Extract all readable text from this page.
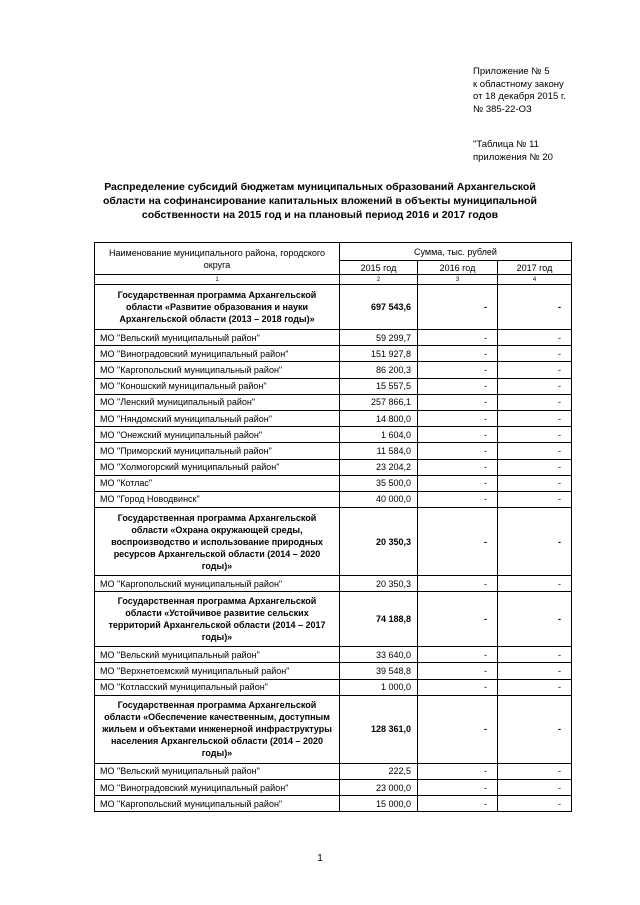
Приложение № 5
к областному закону
от 18 декабря 2015 г.
№ 385-22-ОЗ
"Таблица № 11
приложения № 20
Распределение субсидий бюджетам муниципальных образований Архангельской области на софинансирование капитальных вложений в объекты муниципальной собственности на 2015 год и на плановый период 2016 и 2017 годов
Наименование муниципального района, городского округа	Сумма, тыс. рублей		
	2015 год	2016 год	2017 год
1	2	3	4
Государственная программа Архангельской области «Развитие образования и науки Архангельской области (2013 – 2018 годы)»	697 543,6	-	-
МО "Вельский муниципальный район"	59 299,7	-	-
МО "Виноградовский муниципальный район"	151 927,8	-	-
МО "Каргопольский муниципальный район"	86 200,3	-	-
МО "Коношский муниципальный район"	15 557,5	-	-
МО "Ленский муниципальный район"	257 866,1	-	-
МО "Няндомский муниципальный район"	14 800,0	-	-
МО "Онежский муниципальный район"	1 604,0	-	-
МО "Приморский муниципальный район"	11 584,0	-	-
МО "Холмогорский муниципальный район"	23 204,2	-	-
МО "Котлас"	35 500,0	-	-
МО "Город Новодвинск"	40 000,0	-	-
Государственная программа Архангельской области «Охрана окружающей среды, воспроизводство и использование природных ресурсов Архангельской области (2014 – 2020 годы)»	20 350,3	-	-
МО "Каргопольский муниципальный район"	20 350,3	-	-
Государственная программа Архангельской области «Устойчивое развитие сельских территорий Архангельской области (2014 – 2017 годы)»	74 188,8	-	-
МО "Вельский муниципальный район"	33 640,0	-	-
МО "Верхнетоемский муниципальный район"	39 548,8	-	-
МО "Котласский муниципальный район"	1 000,0	-	-
Государственная программа Архангельской области «Обеспечение качественным, доступным жильем и объектами инженерной инфраструктуры населения Архангельской области (2014 – 2020 годы)»	128 361,0	-	-
МО "Вельский муниципальный район"	222,5	-	-
МО "Виноградовский муниципальный район"	23 000,0	-	-
МО "Каргопольский муниципальный район"	15 000,0	-	-
1
